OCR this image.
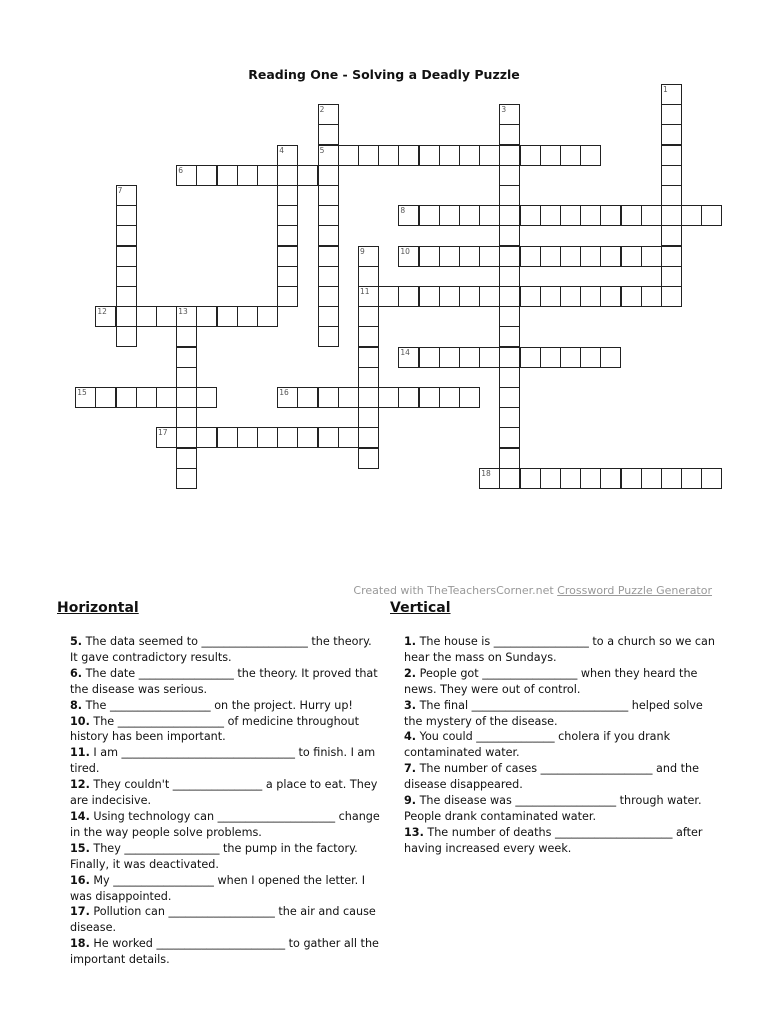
Reading One - Solving a Deadly Puzzle
1
2	3
4	5
6
7
8
9	10
11
12	13
14
15	16
17
18
Created with TheTeachersCorner.net Crossword Puzzle Generator
Horizontal	Vertical
5. The data seemed to ___________________ the theory. It gave contradictory results.
6. The date _________________ the theory. It proved that the disease was serious.
8. The __________________ on the project. Hurry up!
10. The ___________________ of medicine throughout history has been important.
11. I am _______________________________ to finish. I am tired.
12. They couldn't ________________ a place to eat. They are indecisive.
14. Using technology can _____________________ change in the way people solve problems.
15. They _________________ the pump in the factory. Finally, it was deactivated.
16. My __________________ when I opened the letter. I was disappointed.
17. Pollution can ___________________ the air and cause disease.
18. He worked _______________________ to gather all the important details.
1. The house is _________________ to a church so we can hear the mass on Sundays.
2. People got _________________ when they heard the news. They were out of control.
3. The final ____________________________ helped solve the mystery of the disease.
4. You could ______________ cholera if you drank contaminated water.
7. The number of cases ____________________ and the disease disappeared.
9. The disease was __________________ through water. People drank contaminated water.
13. The number of deaths _____________________ after having increased every week.
